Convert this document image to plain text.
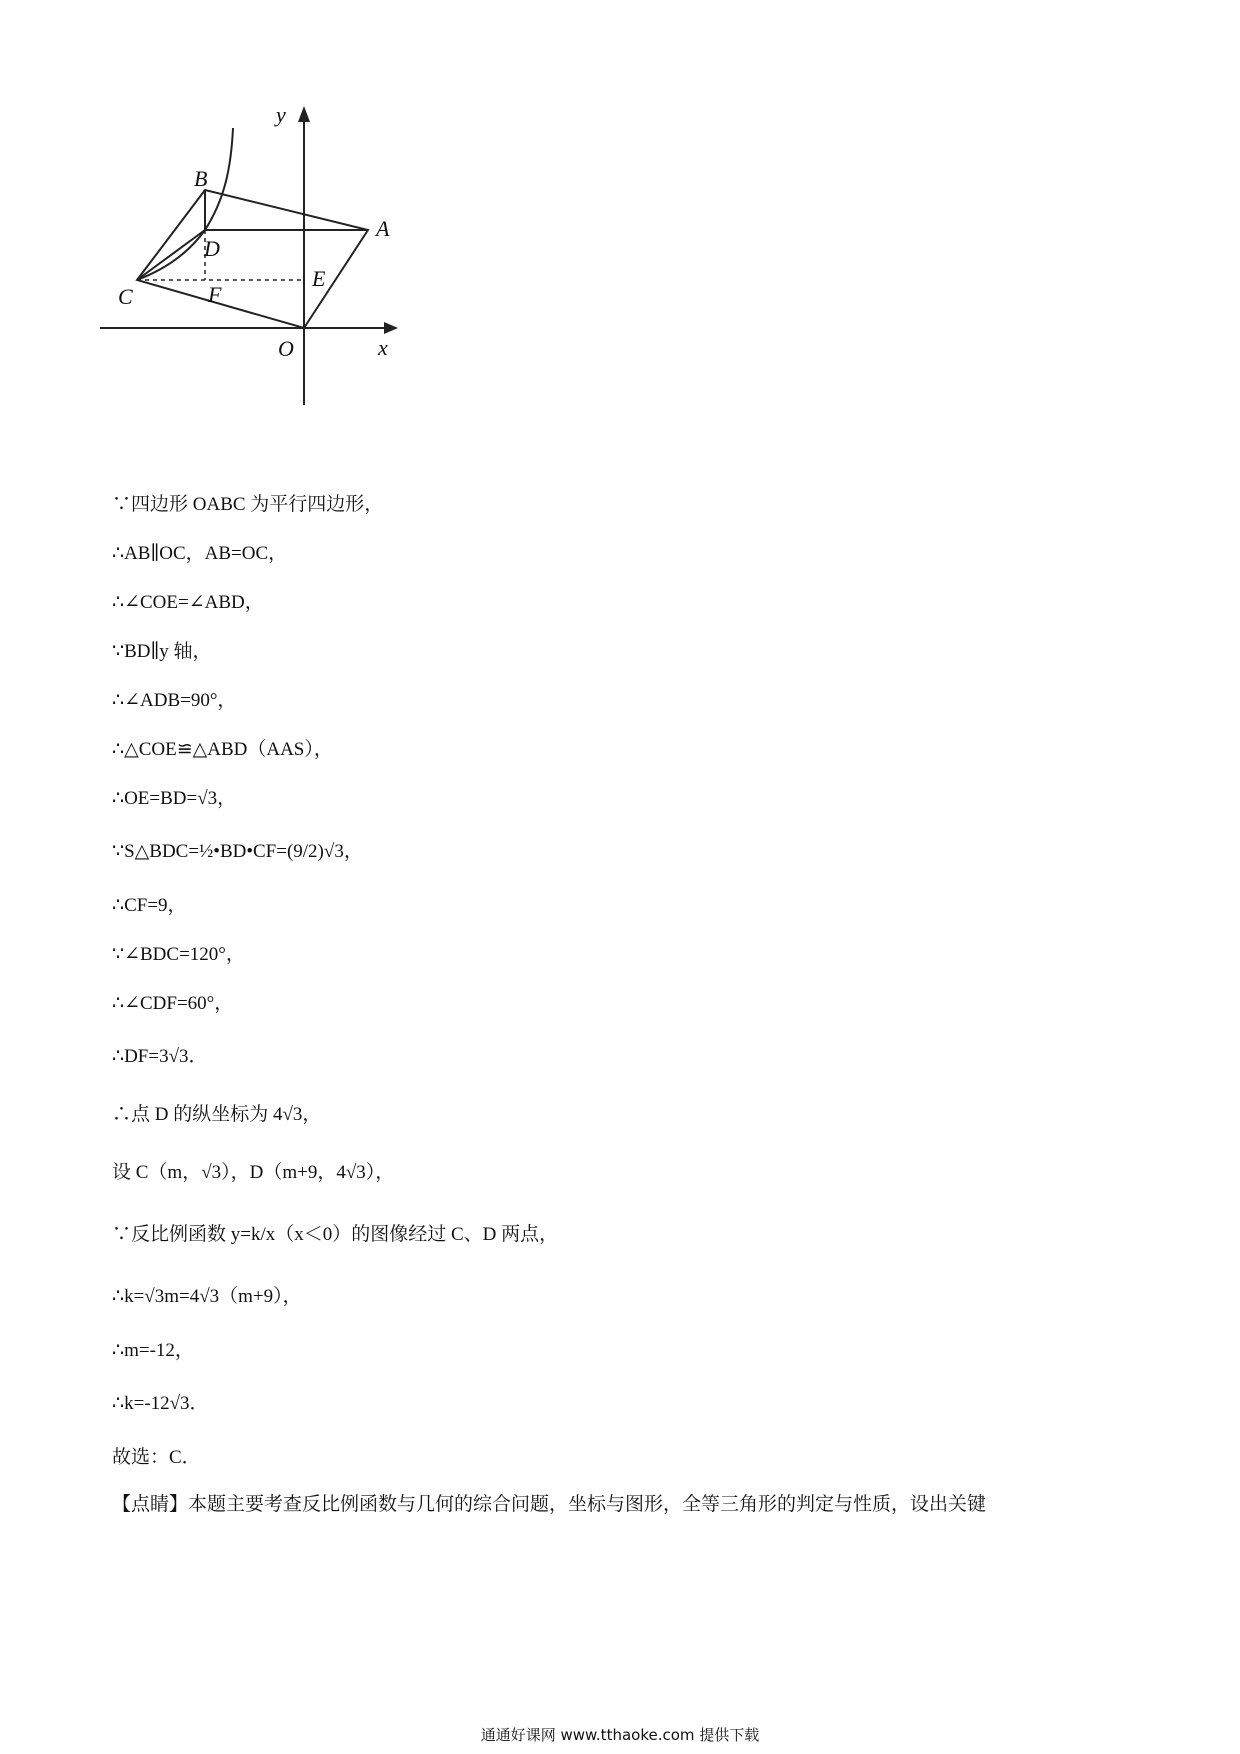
y
x
O
A
B
C
D
E
F
∵四边形 OABC 为平行四边形，
∴AB∥OC，AB=OC，
∴∠COE=∠ABD，
∵BD∥y 轴，
∴∠ADB=90°，
∴△COE≌△ABD（AAS），
∴OE=BD=√3，
∵S△BDC=½•BD•CF=(9/2)√3，
∴CF=9，
∵∠BDC=120°，
∴∠CDF=60°，
∴DF=3√3．
∴点 D 的纵坐标为 4√3，
设 C（m，√3），D（m+9，4√3），
∵反比例函数 y=k/x（x＜0）的图像经过 C、D 两点，
∴k=√3m=4√3（m+9），
∴m=-12，
∴k=-12√3．
故选：C．
【点睛】本题主要考查反比例函数与几何的综合问题，坐标与图形，全等三角形的判定与性质，设出关键
通通好课网 www.tthaoke.com 提供下载
